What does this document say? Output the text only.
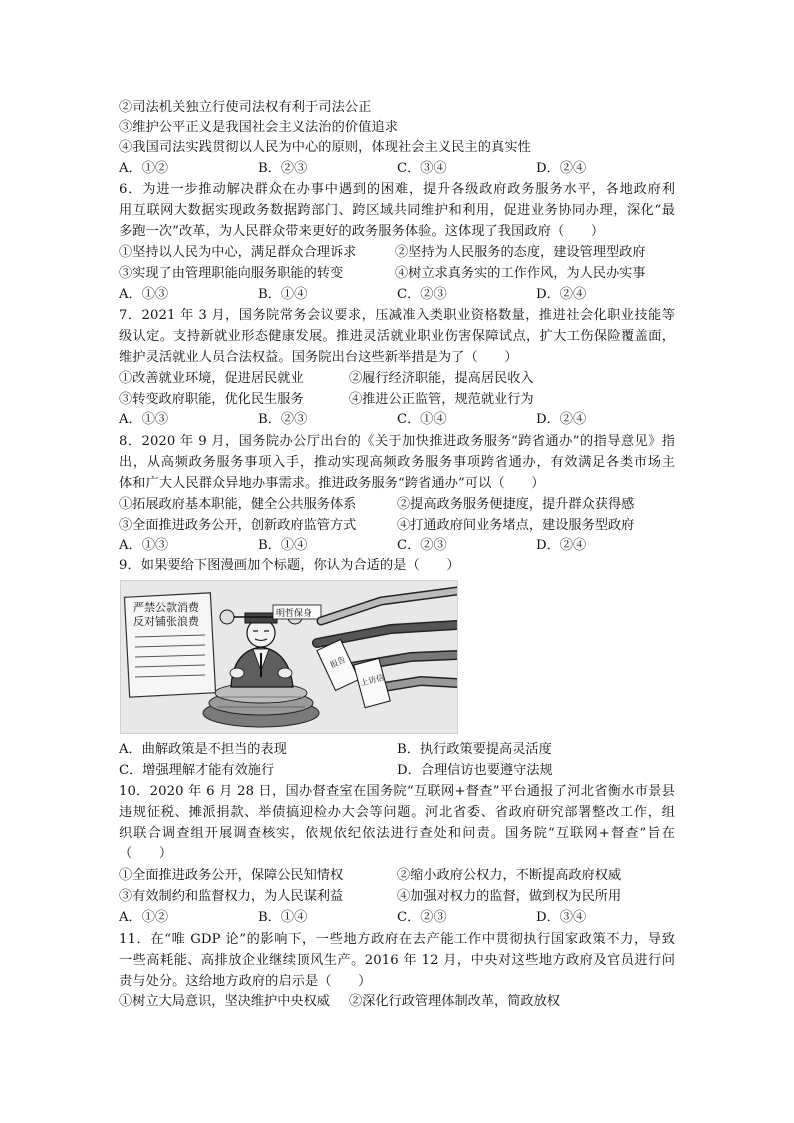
②司法机关独立行使司法权有利于司法公正
③维护公平正义是我国社会主义法治的价值追求
④我国司法实践贯彻以人民为中心的原则，体现社会主义民主的真实性
A．①②	B．②③	C．③④	D．②④
6．为进一步推动解决群众在办事中遇到的困难，提升各级政府政务服务水平，各地政府利
用互联网大数据实现政务数据跨部门、跨区域共同维护和利用，促进业务协同办理，深化“最
多跑一次”改革，为人民群众带来更好的政务服务体验。这体现了我国政府（　　）
①坚持以人民为中心，满足群众合理诉求	②坚持为人民服务的态度，建设管理型政府
③实现了由管理职能向服务职能的转变	④树立求真务实的工作作风，为人民办实事
A．①③	B．①④	C．②③	D．②④
7．2021 年 3 月，国务院常务会议要求，压减准入类职业资格数量，推进社会化职业技能等
级认定。支持新就业形态健康发展。推进灵活就业职业伤害保障试点，扩大工伤保险覆盖面，
维护灵活就业人员合法权益。国务院出台这些新举措是为了（　　）
①改善就业环境，促进居民就业	②履行经济职能，提高居民收入
③转变政府职能，优化民生服务	④推进公正监管，规范就业行为
A．①③	B．②③	C．①④	D．②④
8．2020 年 9 月，国务院办公厅出台的《关于加快推进政务服务“跨省通办”的指导意见》指
出，从高频政务服务事项入手，推动实现高频政务服务事项跨省通办，有效满足各类市场主
体和广大人民群众异地办事需求。推进政务服务“跨省通办”可以（　　）
①拓展政府基本职能，健全公共服务体系	②提高政务服务便捷度，提升群众获得感
③全面推进政务公开，创新政府监管方式	④打通政府间业务堵点，建设服务型政府
A．①③	B．①④	C．②③	D．②④
9．如果要给下图漫画加个标题，你认为合适的是（　　）
严禁公款消费
反对铺张浪费
明哲保身
报告
上访信
A．曲解政策是不担当的表现	B．执行政策要提高灵活度
C．增强理解才能有效施行	D．合理信访也要遵守法规
10．2020 年 6 月 28 日，国办督查室在国务院“互联网+督查”平台通报了河北省衡水市景县
违规征税、摊派捐款、举债搞迎检办大会等问题。河北省委、省政府研究部署整改工作，组
织联合调查组开展调查核实，依规依纪依法进行查处和问责。国务院“互联网+督查”旨在
（　　）
①全面推进政务公开，保障公民知情权	②缩小政府公权力，不断提高政府权威
③有效制约和监督权力，为人民谋利益	④加强对权力的监督，做到权为民所用
A．①②	B．①④	C．②③	D．③④
11．在“唯 GDP 论”的影响下，一些地方政府在去产能工作中贯彻执行国家政策不力，导致
一些高耗能、高排放企业继续顶风生产。2016 年 12 月，中央对这些地方政府及官员进行问
责与处分。这给地方政府的启示是（　　）
①树立大局意识，坚决维护中央权威 ②深化行政管理体制改革，简政放权
